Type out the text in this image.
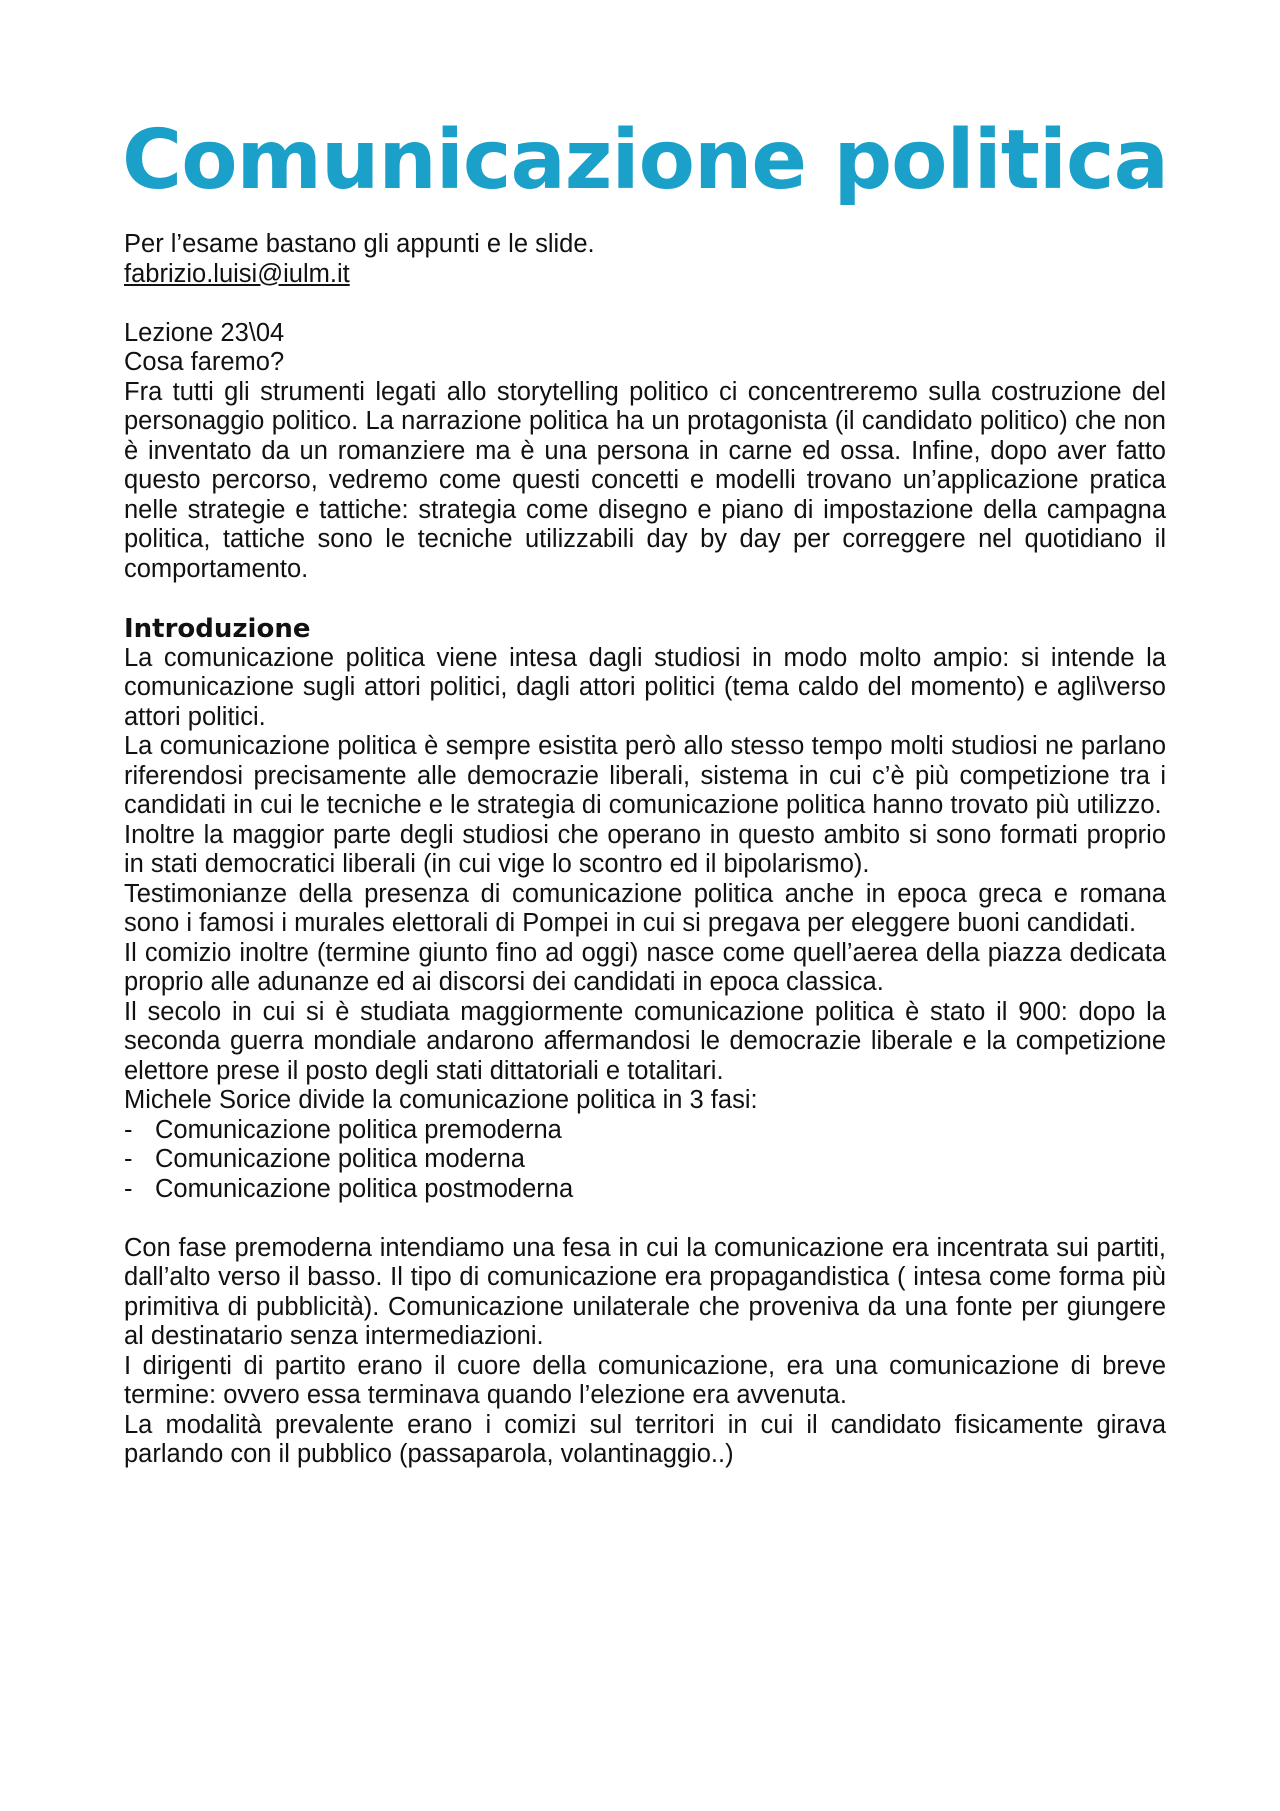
Comunicazione politica

Per l’esame bastano gli appunti e le slide.

fabrizio.luisi@iulm.it

Lezione 23\04

Cosa faremo?

Fra tutti gli strumenti legati allo storytelling politico ci concentreremo sulla costruzione del personaggio politico. La narrazione politica ha un protagonista (il candidato politico) che non è inventato da un romanziere ma è una persona in carne ed ossa. Infine, dopo aver fatto questo percorso, vedremo come questi concetti e modelli trovano un’applicazione pratica nelle strategie e tattiche: strategia come disegno e piano di impostazione della campagna politica, tattiche sono le tecniche utilizzabili day by day per correggere nel quotidiano il comportamento.

Introduzione

La comunicazione politica viene intesa dagli studiosi in modo molto ampio: si intende la comunicazione sugli attori politici, dagli attori politici (tema caldo del momento) e agli\verso attori politici.

La comunicazione politica è sempre esistita però allo stesso tempo molti studiosi ne parlano riferendosi precisamente alle democrazie liberali, sistema in cui c’è più competizione tra i candidati in cui le tecniche e le strategia di comunicazione politica hanno trovato più utilizzo.

Inoltre la maggior parte degli studiosi che operano in questo ambito si sono formati proprio in stati democratici liberali (in cui vige lo scontro ed il bipolarismo).

Testimonianze della presenza di comunicazione politica anche in epoca greca e romana sono i famosi i murales elettorali di Pompei in cui si pregava per eleggere buoni candidati.

Il comizio inoltre (termine giunto fino ad oggi) nasce come quell’aerea della piazza dedicata proprio alle adunanze ed ai discorsi dei candidati in epoca classica.

Il secolo in cui si è studiata maggiormente comunicazione politica è stato il 900: dopo la seconda guerra mondiale andarono affermandosi le democrazie liberale e la competizione elettore prese il posto degli stati dittatoriali e totalitari.

Michele Sorice divide la comunicazione politica in 3 fasi:

- Comunicazione politica premoderna
- Comunicazione politica moderna
- Comunicazione politica postmoderna

Con fase premoderna intendiamo una fesa in cui la comunicazione era incentrata sui partiti, dall’alto verso il basso. Il tipo di comunicazione era propagandistica ( intesa come forma più primitiva di pubblicità). Comunicazione unilaterale che proveniva da una fonte per giungere al destinatario senza intermediazioni.

I dirigenti di partito erano il cuore della comunicazione, era una comunicazione di breve termine: ovvero essa terminava quando l’elezione era avvenuta.

La modalità prevalente erano i comizi sul territori in cui il candidato fisicamente girava parlando con il pubblico (passaparola, volantinaggio..)
